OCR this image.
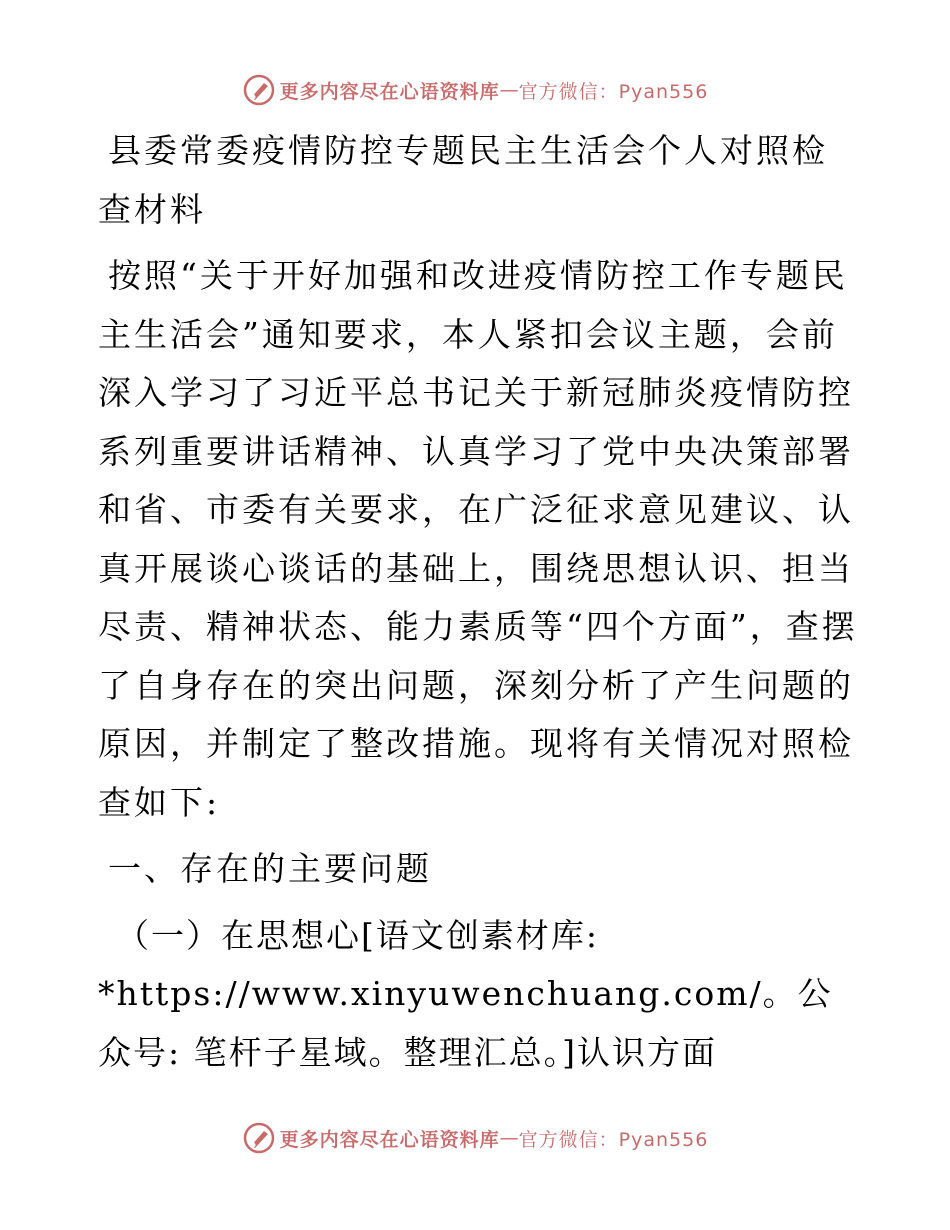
更多内容尽在心语资料库 — 官方微信：Pyan556
县委常委疫情防控专题民主生活会个人对照检查材料

按照“关于开好加强和改进疫情防控工作专题民主生活会”通知要求，本人紧扣会议主题，会前深入学习了习近平总书记关于新冠肺炎疫情防控系列重要讲话精神、认真学习了党中央决策部署和省、市委有关要求，在广泛征求意见建议、认真开展谈心谈话的基础上，围绕思想认识、担当尽责、精神状态、能力素质等“四个方面”，查摆了自身存在的突出问题，深刻分析了产生问题的原因，并制定了整改措施。现将有关情况对照检查如下:

一、存在的主要问题

（一）在思想心[语文创素材库: *https://www.xinyuwenchuang.com/。公众号: 笔杆子星域。整理汇总。]认识方面

更多内容尽在心语资料库 — 官方微信：Pyan556
